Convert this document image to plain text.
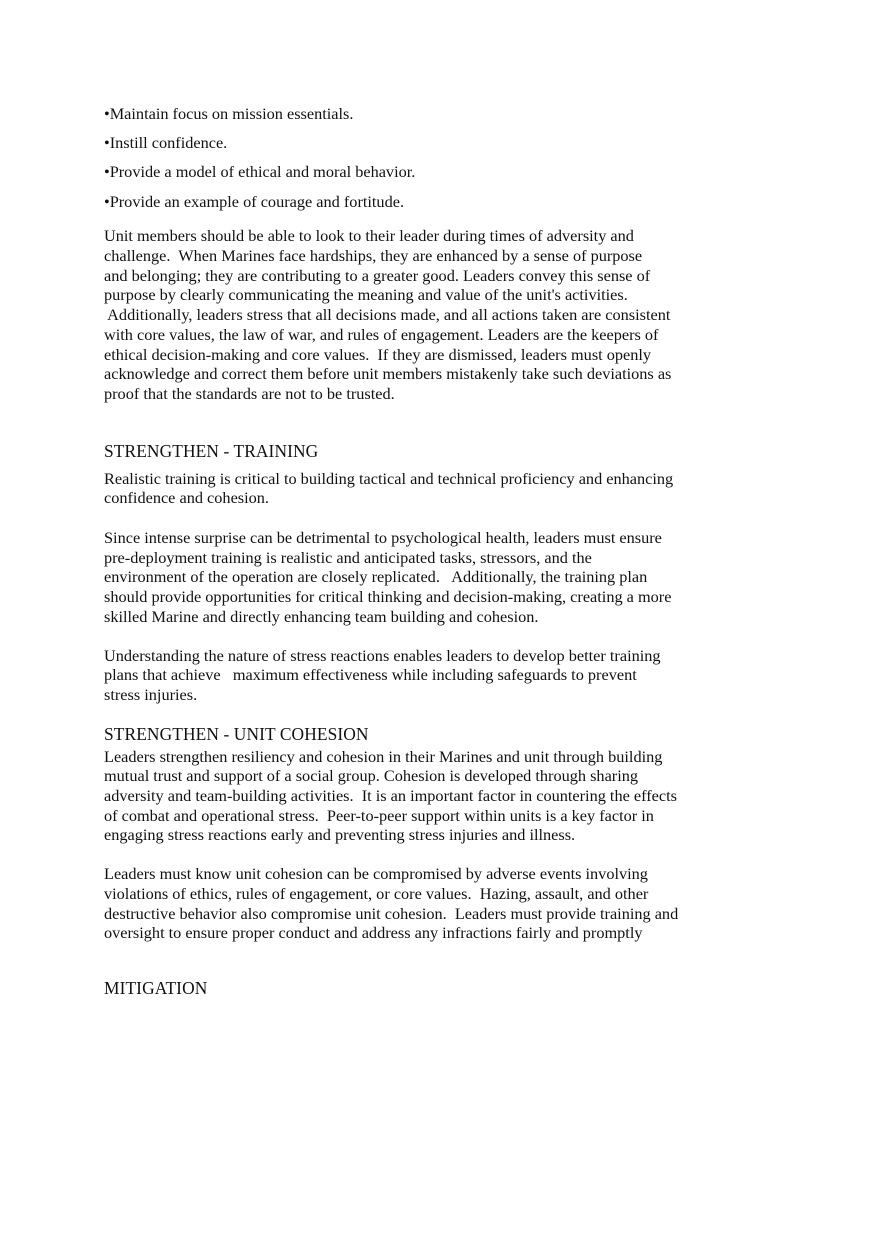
•Maintain focus on mission essentials.
•Instill confidence.
•Provide a model of ethical and moral behavior.
•Provide an example of courage and fortitude.
Unit members should be able to look to their leader during times of adversity and
challenge.  When Marines face hardships, they are enhanced by a sense of purpose
and belonging; they are contributing to a greater good. Leaders convey this sense of
purpose by clearly communicating the meaning and value of the unit's activities.
Additionally, leaders stress that all decisions made, and all actions taken are consistent
with core values, the law of war, and rules of engagement. Leaders are the keepers of
ethical decision-making and core values.  If they are dismissed, leaders must openly
acknowledge and correct them before unit members mistakenly take such deviations as
proof that the standards are not to be trusted.
STRENGTHEN - TRAINING
Realistic training is critical to building tactical and technical proficiency and enhancing
confidence and cohesion.
Since intense surprise can be detrimental to psychological health, leaders must ensure
pre-deployment training is realistic and anticipated tasks, stressors, and the
environment of the operation are closely replicated.   Additionally, the training plan
should provide opportunities for critical thinking and decision-making, creating a more
skilled Marine and directly enhancing team building and cohesion.
Understanding the nature of stress reactions enables leaders to develop better training
plans that achieve   maximum effectiveness while including safeguards to prevent
stress injuries.
STRENGTHEN - UNIT COHESION
Leaders strengthen resiliency and cohesion in their Marines and unit through building
mutual trust and support of a social group. Cohesion is developed through sharing
adversity and team-building activities.  It is an important factor in countering the effects
of combat and operational stress.  Peer-to-peer support within units is a key factor in
engaging stress reactions early and preventing stress injuries and illness.
Leaders must know unit cohesion can be compromised by adverse events involving
violations of ethics, rules of engagement, or core values.  Hazing, assault, and other
destructive behavior also compromise unit cohesion.  Leaders must provide training and
oversight to ensure proper conduct and address any infractions fairly and promptly
MITIGATION
